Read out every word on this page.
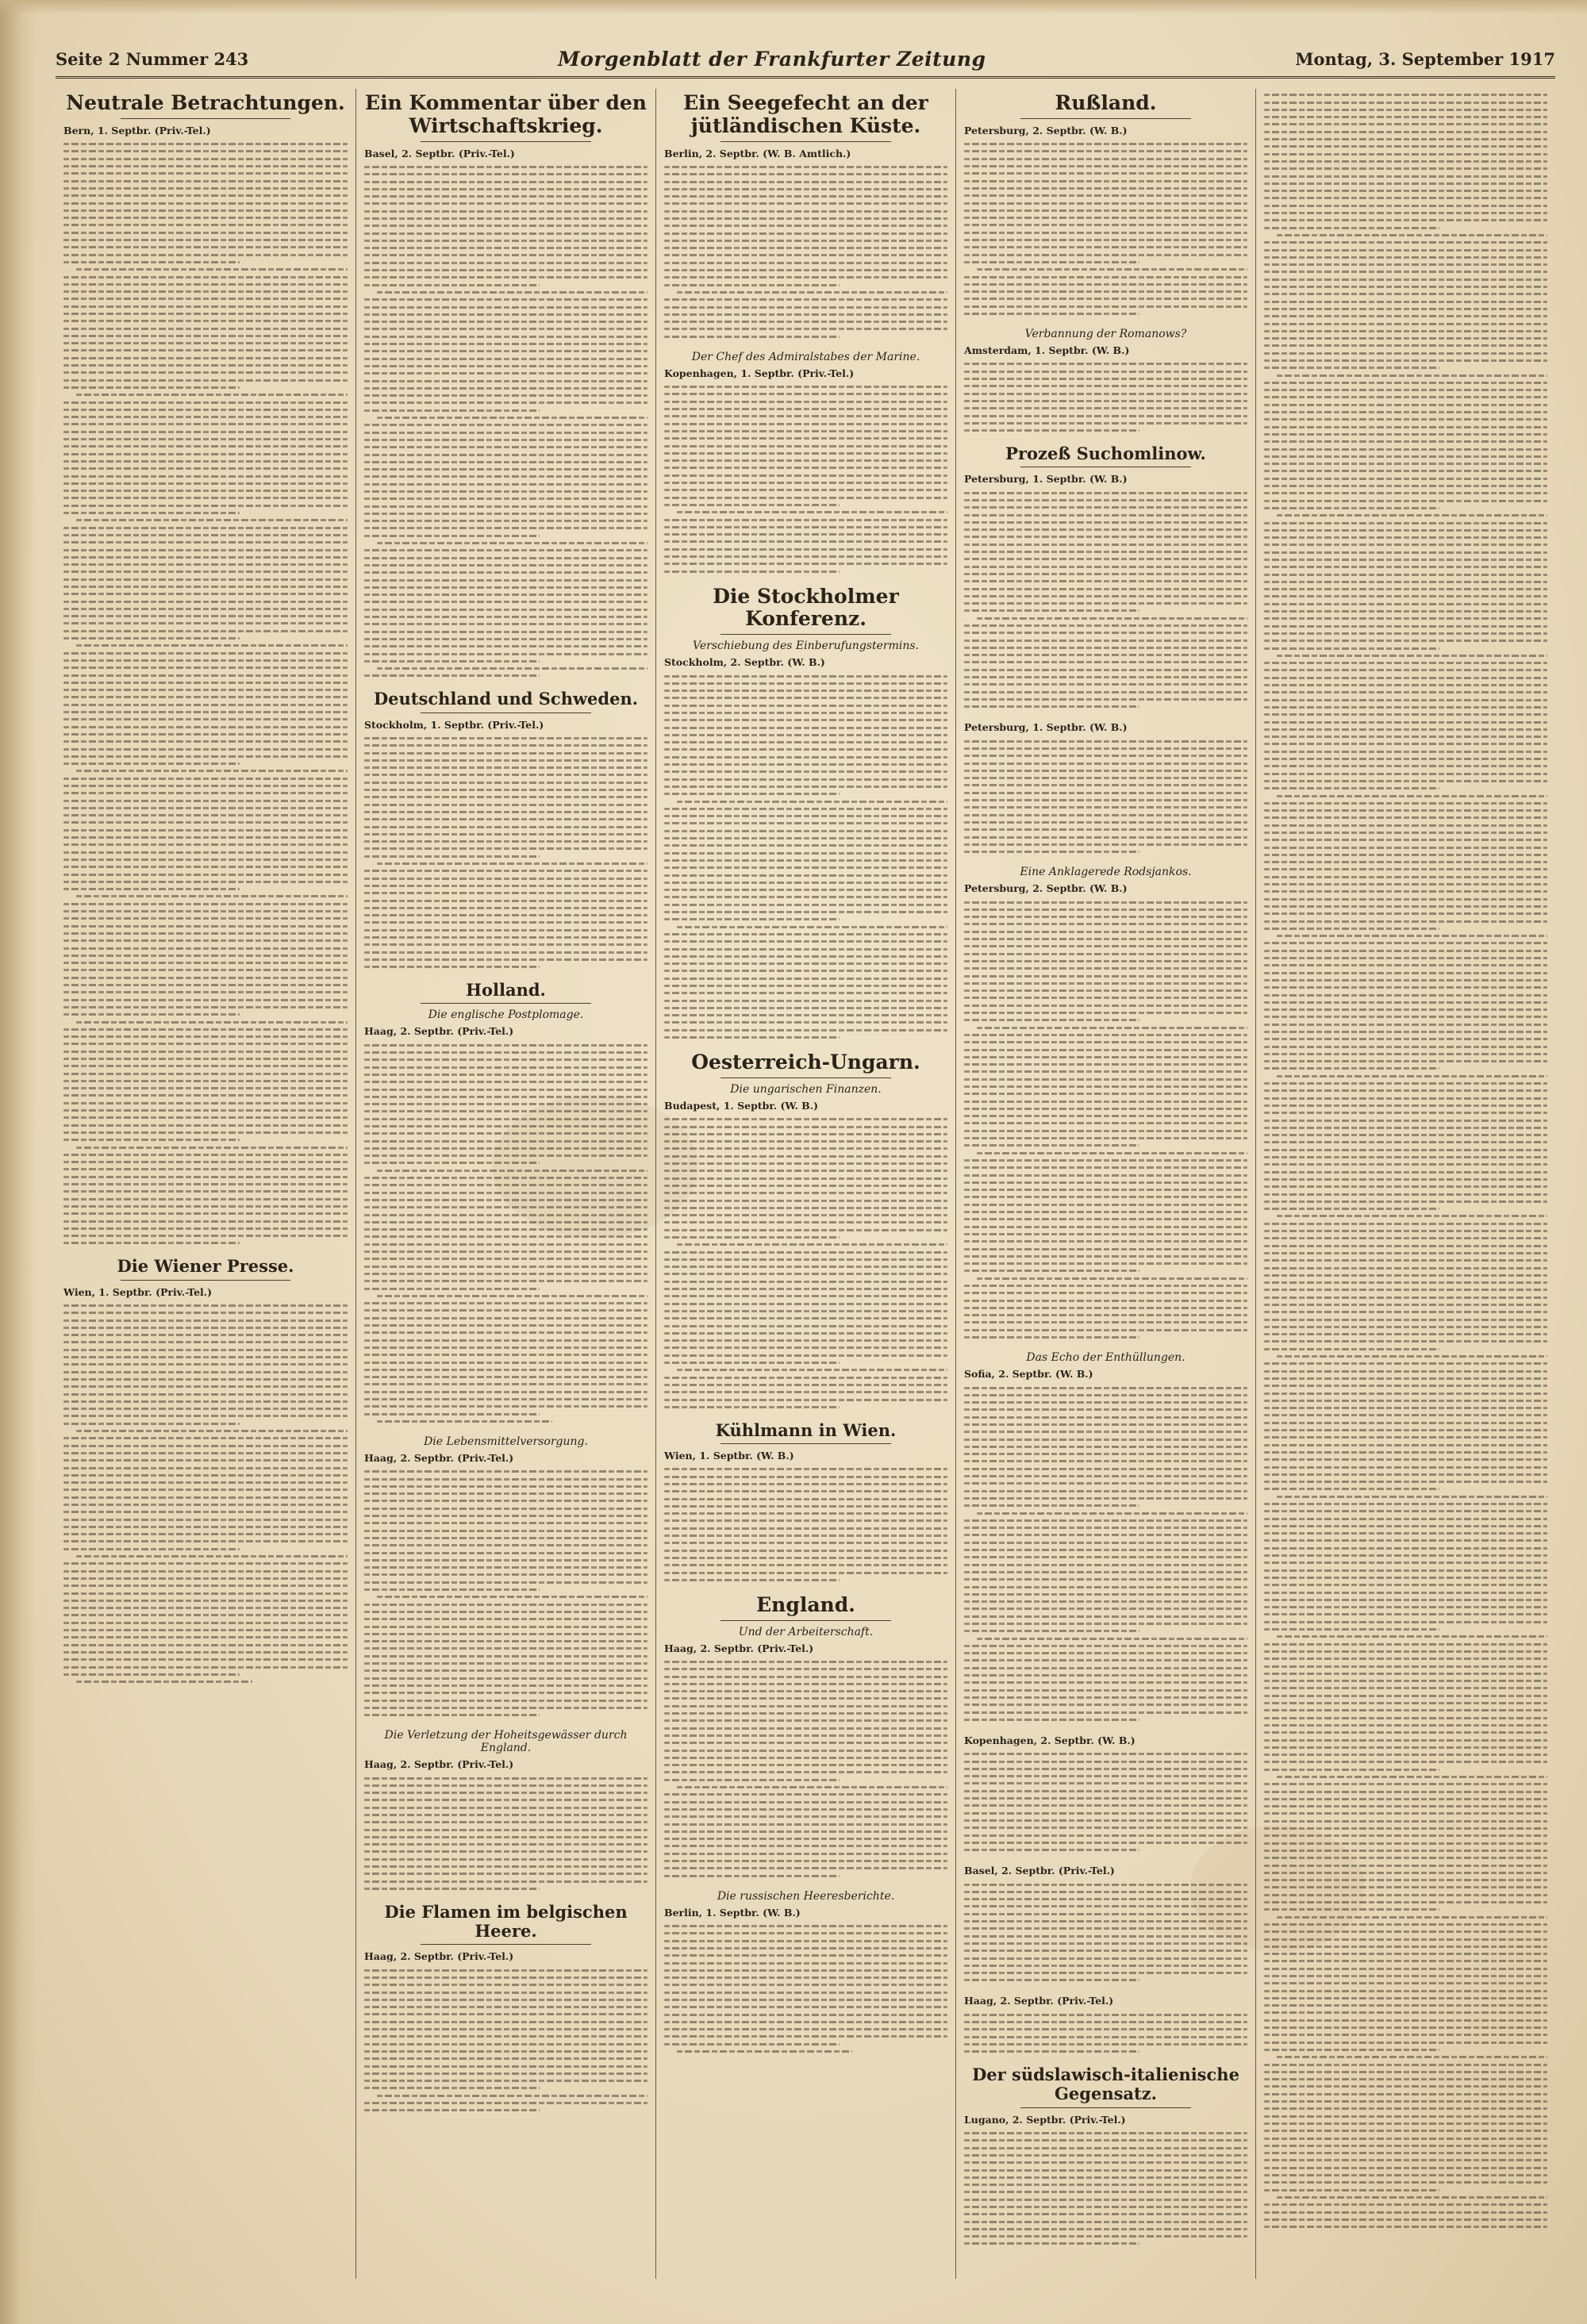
Seite 2 Nummer 243	Morgenblatt der Frankfurter Zeitung	Montag, 3. September 1917
Neutrale Betrachtungen.

Bern, 1. Septbr. (Priv.-Tel.)

Die Wiener Presse.

Wien, 1. Septbr. (Priv.-Tel.)

Ein Kommentar über den Wirtschaftskrieg.

Basel, 2. Septbr. (Priv.-Tel.)

Deutschland und Schweden.

Stockholm, 1. Septbr. (Priv.-Tel.)

Holland.
Die englische Postplomage.

Haag, 2. Septbr. (Priv.-Tel.)

Die Lebensmittelversorgung.

Haag, 2. Septbr. (Priv.-Tel.)

Die Verletzung der Hoheitsgewässer durch England.

Haag, 2. Septbr. (Priv.-Tel.)

Die Flamen im belgischen Heere.

Haag, 2. Septbr. (Priv.-Tel.)

Ein Seegefecht an der jütländischen Küste.

Berlin, 2. Septbr. (W. B. Amtlich.)

Der Chef des Admiralstabes der Marine.

Kopenhagen, 1. Septbr. (Priv.-Tel.)

Die Stockholmer Konferenz.
Verschiebung des Einberufungstermins.

Stockholm, 2. Septbr. (W. B.)

Oesterreich-Ungarn.
Die ungarischen Finanzen.

Budapest, 1. Septbr. (W. B.)

Kühlmann in Wien.

Wien, 1. Septbr. (W. B.)

England.
Und der Arbeiterschaft.

Haag, 2. Septbr. (Priv.-Tel.)

Die russischen Heeresberichte.

Berlin, 1. Septbr. (W. B.)

Rußland.

Petersburg, 2. Septbr. (W. B.)

Verbannung der Romanows?

Amsterdam, 1. Septbr. (W. B.)

Prozeß Suchomlinow.

Petersburg, 1. Septbr. (W. B.)

Petersburg, 1. Septbr. (W. B.)

Eine Anklagerede Rodsjankos.

Petersburg, 2. Septbr. (W. B.)

Das Echo der Enthüllungen.

Sofia, 2. Septbr. (W. B.)

Kopenhagen, 2. Septbr. (W. B.)

Basel, 2. Septbr. (Priv.-Tel.)

Haag, 2. Septbr. (Priv.-Tel.)

Der südslawisch-italienische Gegensatz.

Lugano, 2. Septbr. (Priv.-Tel.)
